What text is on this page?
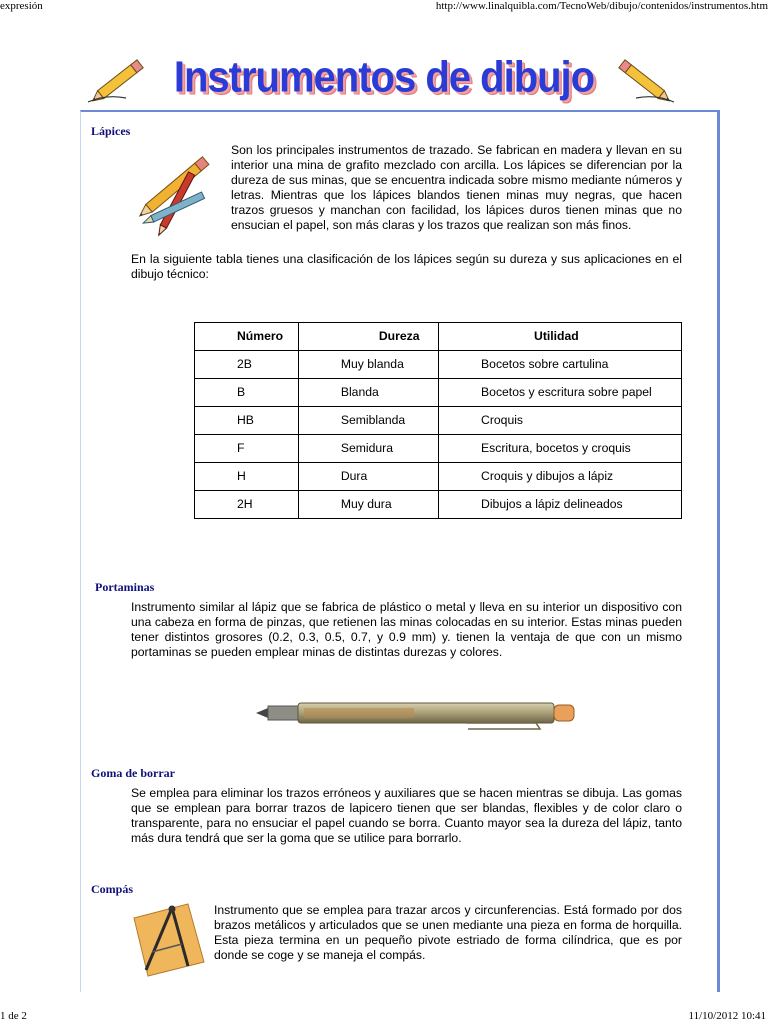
expresión	http://www.linalquibla.com/TecnoWeb/dibujo/contenidos/instrumentos.htm
Instrumentos de dibujo
Lápices
Son los principales instrumentos de trazado. Se fabrican en madera y llevan en su interior una mina de grafito mezclado con arcilla. Los lápices se diferencian por la dureza de sus minas, que se encuentra indicada sobre mismo mediante números y letras. Mientras que los lápices blandos tienen minas muy negras, que hacen trazos gruesos y manchan con facilidad, los lápices duros tienen minas que no ensucian el papel, son más claras y los trazos que realizan son más finos.
En la siguiente tabla tienes una clasificación de los lápices según su dureza y sus aplicaciones en el dibujo técnico:
Número	Dureza	Utilidad
2B	Muy blanda	Bocetos sobre cartulina
B	Blanda	Bocetos y escritura sobre papel
HB	Semiblanda	Croquis
F	Semidura	Escritura, bocetos y croquis
H	Dura	Croquis y dibujos a lápiz
2H	Muy dura	Dibujos a lápiz delineados
Portaminas
Instrumento similar al lápiz que se fabrica de plástico o metal y lleva en su interior un dispositivo con una cabeza en forma de pinzas, que retienen las minas colocadas en su interior. Estas minas pueden tener distintos grosores (0.2, 0.3, 0.5, 0.7, y 0.9 mm) y. tienen la ventaja de que con un mismo portaminas se pueden emplear minas de distintas durezas y colores.
Goma de borrar
Se emplea para eliminar los trazos erróneos y auxiliares que se hacen mientras se dibuja. Las gomas que se emplean para borrar trazos de lapicero tienen que ser blandas, flexibles y de color claro o transparente, para no ensuciar el papel cuando se borra. Cuanto mayor sea la dureza del lápiz, tanto más dura tendrá que ser la goma que se utilice para borrarlo.
Compás
Instrumento que se emplea para trazar arcos y circunferencias. Está formado por dos brazos metálicos y articulados que se unen mediante una pieza en forma de horquilla. Esta pieza termina en un pequeño pivote estriado de forma cilíndrica, que es por donde se coge y se maneja el compás.
1 de 2	11/10/2012 10:41
